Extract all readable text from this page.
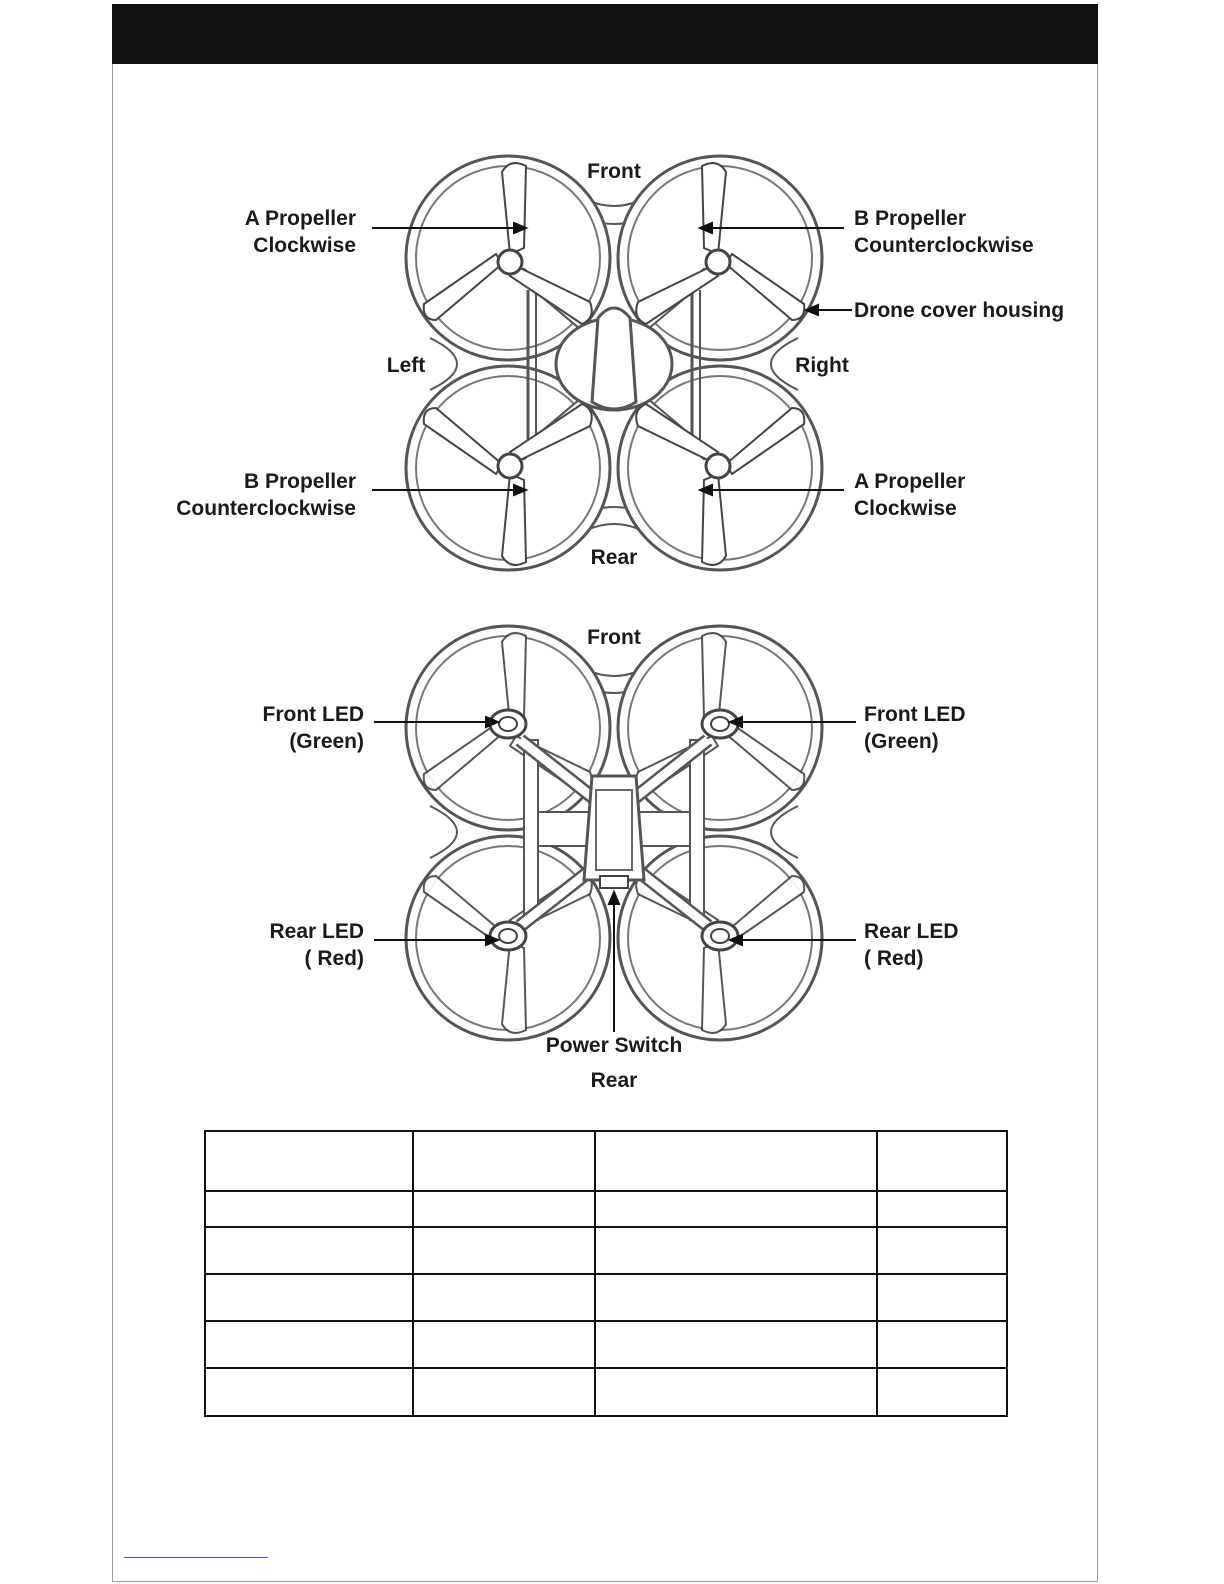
Front
Rear
Left	Right
A Propeller
Clockwise
B Propeller
Counterclockwise
Drone cover housing
B Propeller
Counterclockwise
A Propeller
Clockwise
Front
Rear
Front LED
(Green)
Front LED
(Green)
Rear LED
( Red)
Rear LED
( Red)
Power Switch
